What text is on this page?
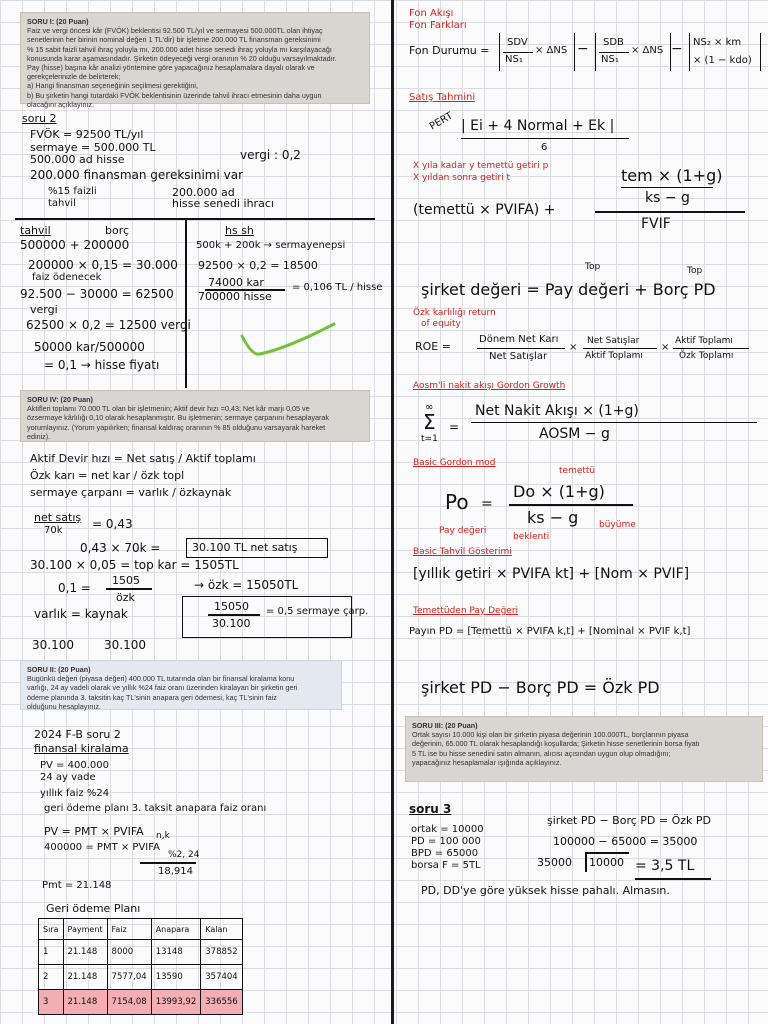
SORU I: (20 Puan)
Faiz ve vergi öncesi kâr (FVÖK) beklentisi 92.500 TL/yıl ve sermayesi 500.000TL olan ihtiyaç
senetlerinin her birinin nominal değeri 1 TL'dir) bir işletme 200.000 TL finansman gereksinimi
% 15 sabit faizli tahvil ihraç yoluyla mı, 200.000 adet hisse senedi ihraç yoluyla mı karşılayacağı
konusunda karar aşamasındadır. Şirketin ödeyeceği vergi oranının % 20 olduğu varsayılmaktadır.
Pay (hisse) başına kâr analizi yöntemine göre yapacağınız hesaplamalara dayalı olarak ve
gerekçelerinizle de belirterek;
a) Hangi finansman seçeneğinin seçilmesi gerektiğini,
b) Bu şirketin hangi tutardaki FVÖK beklentisinin üzerinde tahvil ihracı etmesinin daha uygun
olacağını açıklayınız.
soru 2
FVÖK = 92500 TL/yıl
sermaye = 500.000 TL
500.000 ad hisse	vergi : 0,2
200.000 finansman gereksinimi var
%15 faizli
tahvil
200.000 ad
hisse senedi ihracı
tahvil	borç
500000 + 200000
200000 × 0,15 = 30.000
faiz ödenecek
92.500 − 30000 = 62500
vergi
62500 × 0,2 = 12500 vergi
50000 kar/500000
= 0,1 → hisse fiyatı
hs sh
500k + 200k → sermayenepsi
92500 × 0,2 = 18500
74000 kar
700000 hisse
= 0,106 TL / hisse
SORU IV: (20 Puan)
Aktifleri toplamı 70.000 TL olan bir işletmenin; Aktif devir hızı =0,43; Net kâr marjı 0,05 ve
özsermaye kârlılığı 0,10 olarak hesaplanmıştır. Bu işletmenin; sermaye çarpanını hesaplayarak
yorumlayınız. (Yorum yapılırken; finansal kaldıraç oranının % 85 olduğunu varsayarak hareket
ediniz).
Aktif Devir hızı = Net satış / Aktif toplamı
Özk karı = net kar / özk topl
sermaye çarpanı = varlık / özkaynak
net satış
70k = 0,43
0,43 × 70k =	30.100 TL net satış
30.100 × 0,05 = top kar = 1505TL
0,1 =
1505
özk
→ özk = 15050TL
varlık = kaynak
15050
30.100
= 0,5 sermaye çarp.
30.100	30.100
SORU II: (20 Puan)
Bugünkü değeri (piyasa değeri) 400.000 TL tutarında olan bir finansal kiralama konu
varlığı, 24 ay vadeli olarak ve yıllık %24 faiz oranı üzerinden kiralayan bir şirketin geri
ödeme planında 3. taksitin kaç TL'sinin anapara geri ödemesi, kaç TL'sinin faiz
olduğunu hesaplayınız.
2024 F-B soru 2
finansal kiralama
PV = 400.000
24 ay vade
yıllık faiz %24
geri ödeme planı 3. taksit anapara faiz oranı
PV = PMT × PVIFA n,k
400000 = PMT × PVIFA
%2, 24
18,914
Pmt = 21.148
Geri ödeme Planı
Sıra	Payment	Faiz	Anapara	Kalan
1	21.148	8000	13148	378852
2	21.148	7577,04	13590	357404
3	21.148	7154,08	13993,92	336556
Fon Akışı
Fon Farkları
Fon Durumu =
SDV
NS₁
× ΔNS − SDB
NS₁
× ΔNS − NS₂ × km
× (1 − kdo)
Satış Tahmini
PERT | Ei + 4 Normal + Ek |
6
X yıla kadar y temettü getiri p
X yıldan sonra getiri t	tem × (1+g)
ks − g
FVIF
(temettü × PVIFA) +
Top	Top
şirket değeri = Pay değeri + Borç PD
Özk karlılığı return
of equity
ROE =
Dönem Net Karı
Net Satışlar
×
Net Satışlar
Aktif Toplamı
×
Aktif Toplamı
Özk Toplamı
Aosm'li nakit akışı Gordon Growth
∞
Σ
t=1
=
Net Nakit Akışı × (1+g)
AOSM − g
Basic Gordon mod
temettü
Po =
Do × (1+g)
ks − g
Pay değeri
beklenti
büyüme
Basic Tahvil Gösterimi
[yıllık getiri × PVIFA kt] + [Nom × PVIF]
Temettüden Pay Değeri
Payın PD = [Temettü × PVIFA k,t] + [Nominal × PVIF k,t]
şirket PD − Borç PD = Özk PD
SORU III: (20 Puan)
Ortak sayısı 10.000 kişi olan bir şirketin piyasa değerinin 100.000TL, borçlarının piyasa
değerinin, 65.000 TL olarak hesaplandığı koşullarda; Şirketin hisse senetlerinin borsa fiyatı
5 TL ise bu hisse senedini satın almanın, alıcısı açısından uygun olup olmadığını;
yapacağınız hesaplamalar ışığında açıklayınız.
soru 3
ortak = 10000
PD = 100 000
BPD = 65000
borsa F = 5TL
şirket PD − Borç PD = Özk PD
100000 − 65000 = 35000
35000 10000 = 3,5 TL
PD, DD'ye göre yüksek hisse pahalı. Almasın.
